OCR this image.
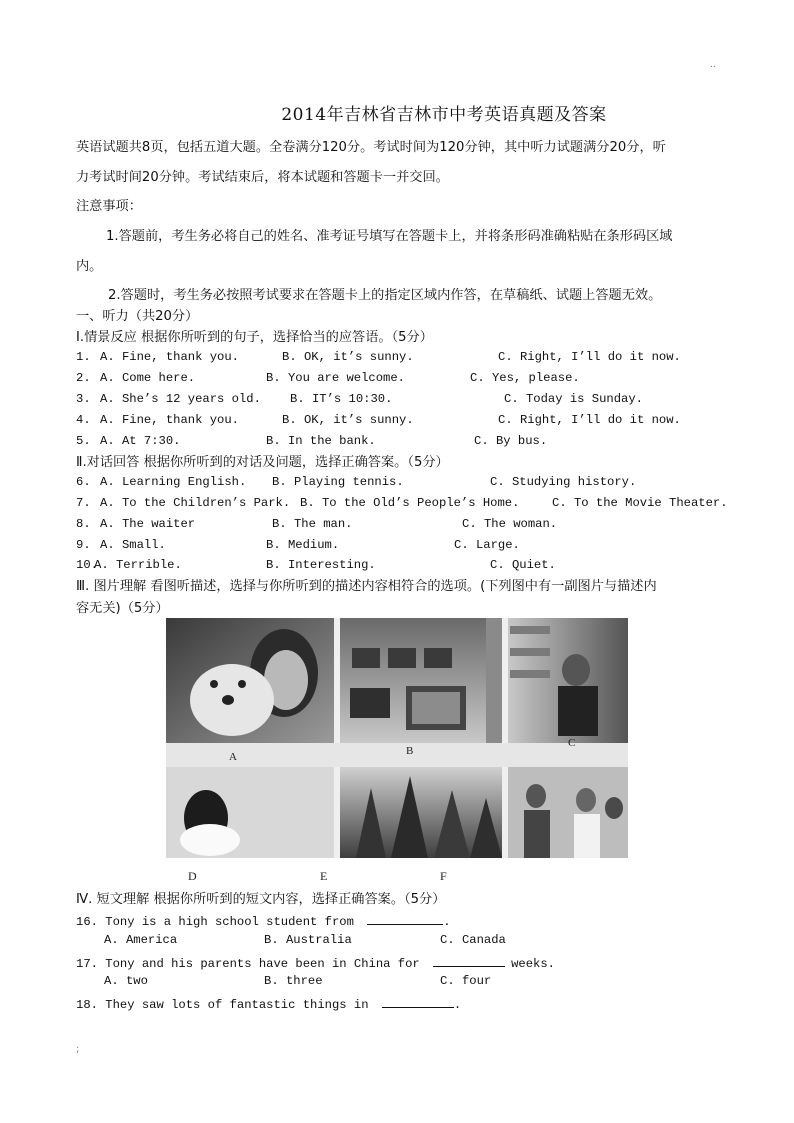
..
2014年吉林省吉林市中考英语真题及答案
英语试题共8页，包括五道大题。全卷满分120分。考试时间为120分钟，其中听力试题满分20分，听
力考试时间20分钟。考试结束后，将本试题和答题卡一并交回。
注意事项：
1.答题前，考生务必将自己的姓名、准考证号填写在答题卡上，并将条形码准确粘贴在条形码区域
内。
2.答题时，考生务必按照考试要求在答题卡上的指定区域内作答，在草稿纸、试题上答题无效。
一、听力（共20分）
Ⅰ.情景反应 根据你所听到的句子，选择恰当的应答语。（5分）
1. A. Fine, thank you.	B. OK, it’s sunny.	C. Right, I’ll do it now.
2. A. Come here.	B. You are welcome.	C. Yes, please.
3. A. She’s 12 years old. B. IT’s 10:30.	C. Today is Sunday.
4. A. Fine, thank you.	B. OK, it’s sunny.	C. Right, I’ll do it now.
5. A. At 7:30.	B. In the bank.	C. By bus.
Ⅱ.对话回答 根据你所听到的对话及问题，选择正确答案。（5分）
6. A. Learning English. B. Playing tennis.	C. Studying history.
7. A. To the Children’s Park. B. To the Old’s People’s Home.	C. To the Movie Theater.
8. A. The waiter	B. The man.	C. The woman.
9. A. Small.	B. Medium.	C. Large.
10.
A. Terrible.	B. Interesting.	C. Quiet.
Ⅲ. 图片理解 看图听描述，选择与你所听到的描述内容相符合的选项。(下列图中有一副图片与描述内
容无关)（5分）
A	B
C
D	E	F
Ⅳ. 短文理解 根据你所听到的短文内容，选择正确答案。（5分）
16. Tony is a high school student from	.
A. America	B. Australia	C. Canada
17. Tony and his parents have been in China for	weeks.
A. two	B. three	C. four
18. They saw lots of fantastic things in	.
;
